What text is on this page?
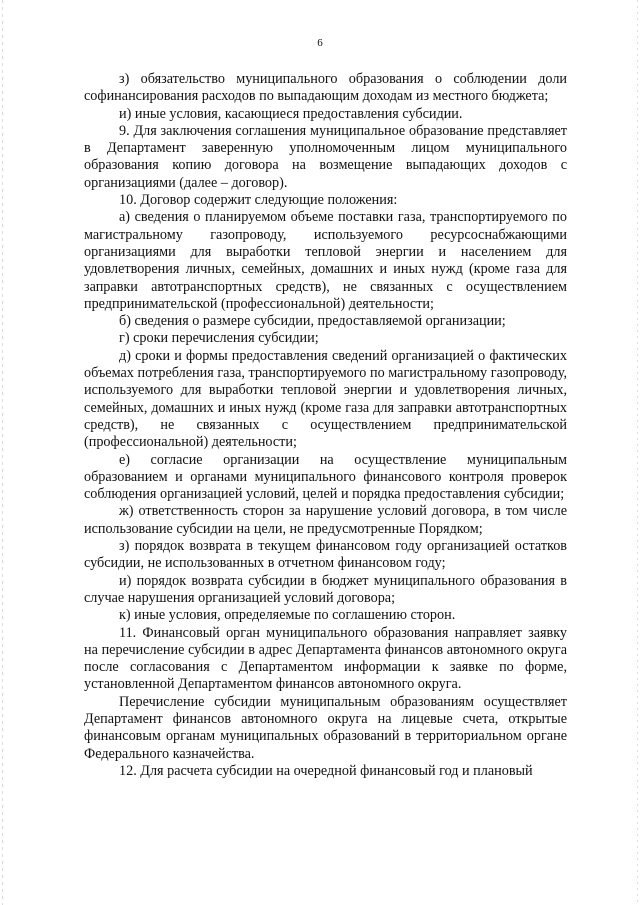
6

з) обязательство муниципального образования о соблюдении доли софинансирования расходов по выпадающим доходам из местного бюджета;

и) иные условия, касающиеся предоставления субсидии.

9. Для заключения соглашения муниципальное образование представляет в Департамент заверенную уполномоченным лицом муниципального образования копию договора на возмещение выпадающих доходов с организациями (далее – договор).

10. Договор содержит следующие положения:

а) сведения о планируемом объеме поставки газа, транспортируемого по магистральному газопроводу, используемого ресурсоснабжающими организациями для выработки тепловой энергии и населением для удовлетворения личных, семейных, домашних и иных нужд (кроме газа для заправки автотранспортных средств), не связанных с осуществлением предпринимательской (профессиональной) деятельности;

б) сведения о размере субсидии, предоставляемой организации;

г) сроки перечисления субсидии;

д) сроки и формы предоставления сведений организацией о фактических объемах потребления газа, транспортируемого по магистральному газопроводу, используемого для выработки тепловой энергии и удовлетворения личных, семейных, домашних и иных нужд (кроме газа для заправки автотранспортных средств), не связанных с осуществлением предпринимательской (профессиональной) деятельности;

е) согласие организации на осуществление муниципальным образованием и органами муниципального финансового контроля проверок соблюдения организацией условий, целей и порядка предоставления субсидии;

ж) ответственность сторон за нарушение условий договора, в том числе использование субсидии на цели, не предусмотренные Порядком;

з) порядок возврата в текущем финансовом году организацией остатков субсидии, не использованных в отчетном финансовом году;

и) порядок возврата субсидии в бюджет муниципального образования в случае нарушения организацией условий договора;

к) иные условия, определяемые по соглашению сторон.

11. Финансовый орган муниципального образования направляет заявку на перечисление субсидии в адрес Департамента финансов автономного округа после согласования с Департаментом информации к заявке по форме, установленной Департаментом финансов автономного округа.

Перечисление субсидии муниципальным образованиям осуществляет Департамент финансов автономного округа на лицевые счета, открытые финансовым органам муниципальных образований в территориальном органе Федерального казначейства.

12. Для расчета субсидии на очередной финансовый год и плановый
